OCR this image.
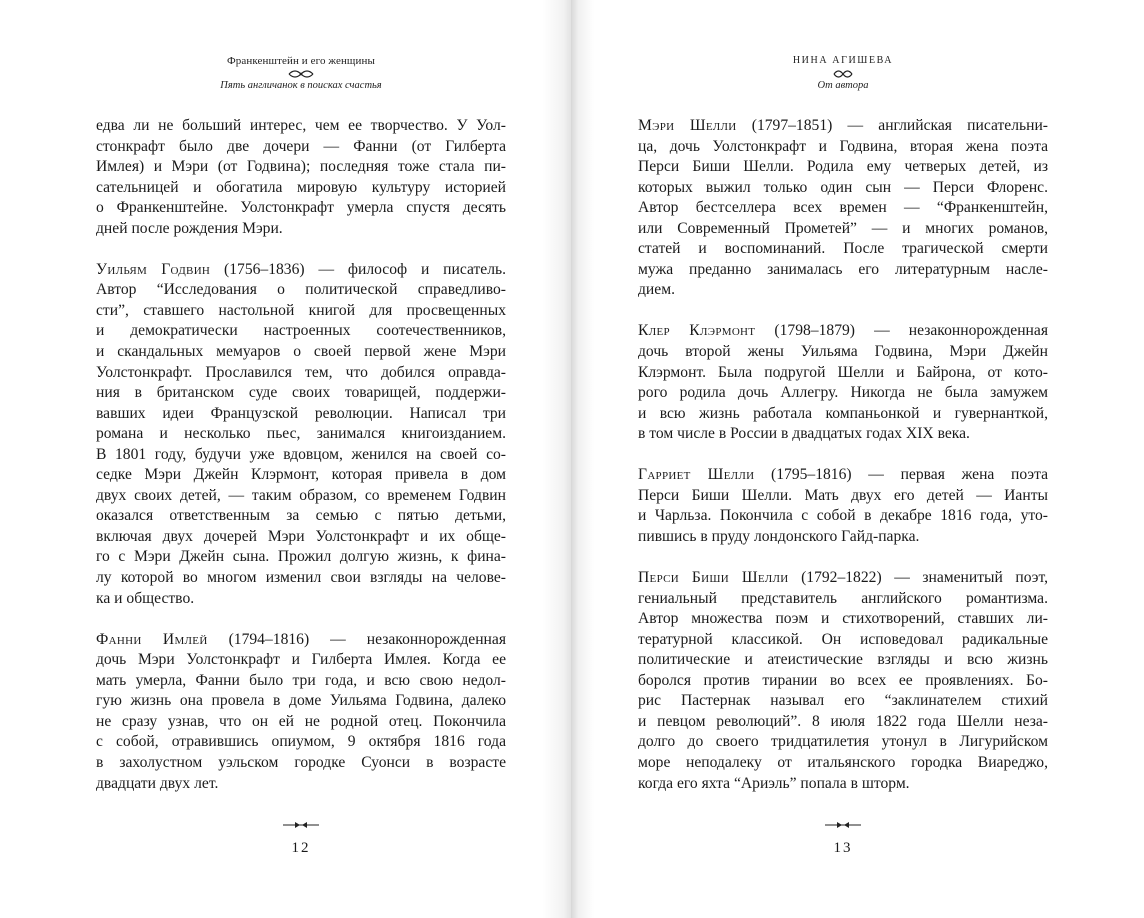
Франкенштейн и его женщины
Пять англичанок в поисках счастья
едва ли не больший интерес, чем ее творчество. У Уол-
стонкрафт было две дочери — Фанни (от Гилберта
Имлея) и Мэри (от Годвина); последняя тоже стала пи-
сательницей и обогатила мировую культуру историей
о Франкенштейне. Уолстонкрафт умерла спустя десять
дней после рождения Мэри.
Уильям Годвин (1756–1836) — философ и писатель.
Автор “Исследования о политической справедливо-
сти”, ставшего настольной книгой для просвещенных
и демократически настроенных соотечественников,
и скандальных мемуаров о своей первой жене Мэри
Уолстонкрафт. Прославился тем, что добился оправда-
ния в британском суде своих товарищей, поддержи-
вавших идеи Французской революции. Написал три
романа и несколько пьес, занимался книгоизданием.
В 1801 году, будучи уже вдовцом, женился на своей со-
седке Мэри Джейн Клэрмонт, которая привела в дом
двух своих детей, — таким образом, со временем Годвин
оказался ответственным за семью с пятью детьми,
включая двух дочерей Мэри Уолстонкрафт и их обще-
го с Мэри Джейн сына. Прожил долгую жизнь, к фина-
лу которой во многом изменил свои взгляды на челове-
ка и общество.
Фанни Имлей (1794–1816) — незаконнорожденная
дочь Мэри Уолстонкрафт и Гилберта Имлея. Когда ее
мать умерла, Фанни было три года, и всю свою недол-
гую жизнь она провела в доме Уильяма Годвина, далеко
не сразу узнав, что он ей не родной отец. Покончила
с собой, отравившись опиумом, 9 октября 1816 года
в захолустном уэльском городке Суонси в возрасте
двадцати двух лет.
12
НИНА АГИШЕВА
От автора
Мэри Шелли (1797–1851) — английская писательни-
ца, дочь Уолстонкрафт и Годвина, вторая жена поэта
Перси Биши Шелли. Родила ему четверых детей, из
которых выжил только один сын — Перси Флоренс.
Автор бестселлера всех времен — “Франкенштейн,
или Современный Прометей” — и многих романов,
статей и воспоминаний. После трагической смерти
мужа преданно занималась его литературным насле-
дием.
Клер Клэрмонт (1798–1879) — незаконнорожденная
дочь второй жены Уильяма Годвина, Мэри Джейн
Клэрмонт. Была подругой Шелли и Байрона, от кото-
рого родила дочь Аллегру. Никогда не была замужем
и всю жизнь работала компаньонкой и гувернанткой,
в том числе в России в двадцатых годах XIX века.
Гарриет Шелли (1795–1816) — первая жена поэта
Перси Биши Шелли. Мать двух его детей — Ианты
и Чарльза. Покончила с собой в декабре 1816 года, уто-
пившись в пруду лондонского Гайд-парка.
Перси Биши Шелли (1792–1822) — знаменитый поэт,
гениальный представитель английского романтизма.
Автор множества поэм и стихотворений, ставших ли-
тературной классикой. Он исповедовал радикальные
политические и атеистические взгляды и всю жизнь
боролся против тирании во всех ее проявлениях. Бо-
рис Пастернак называл его “заклинателем стихий
и певцом революций”. 8 июля 1822 года Шелли неза-
долго до своего тридцатилетия утонул в Лигурийском
море неподалеку от итальянского городка Виареджо,
когда его яхта “Ариэль” попала в шторм.
13
